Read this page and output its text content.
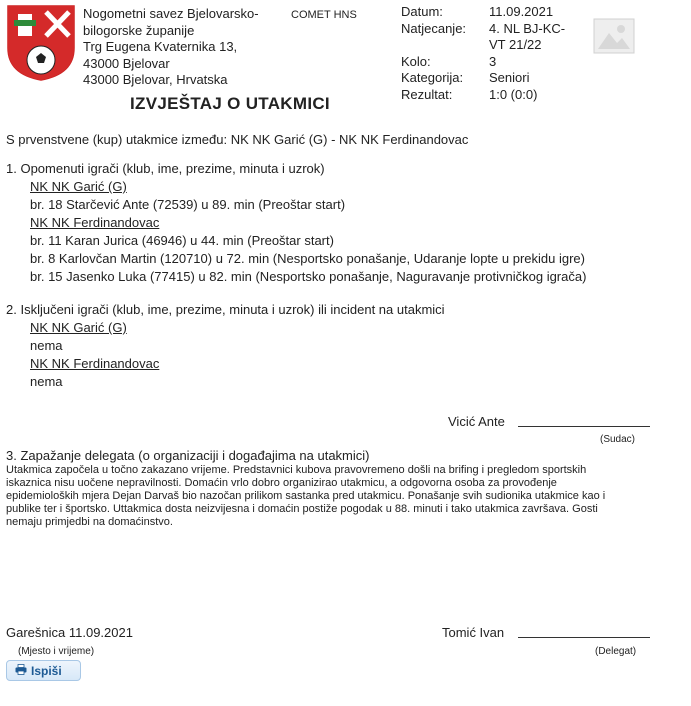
Nogometni savez Bjelovarsko-
bilogorske županije
Trg Eugena Kvaternika 13,
43000 Bjelovar
43000 Bjelovar, Hrvatska
COMET HNS
IZVJEŠTAJ O UTAKMICI
Datum:	11.09.2021
Natjecanje:	4. NL BJ-KC-VT 21/22
Kolo:	3
Kategorija:	Seniori
Rezultat:	1:0 (0:0)
S prvenstvene (kup) utakmice između: NK NK Garić (G) - NK NK Ferdinandovac
1. Opomenuti igrači (klub, ime, prezime, minuta i uzrok)
NK NK Garić (G)
br. 18 Starčević Ante (72539) u 89. min (Preoštar start)
NK NK Ferdinandovac
br. 11 Karan Jurica (46946) u 44. min (Preoštar start)
br. 8 Karlovčan Martin (120710) u 72. min (Nesportsko ponašanje, Udaranje lopte u prekidu igre)
br. 15 Jasenko Luka (77415) u 82. min (Nesportsko ponašanje, Naguravanje protivničkog igrača)
2. Isključeni igrači (klub, ime, prezime, minuta i uzrok) ili incident na utakmici
NK NK Garić (G)
nema
NK NK Ferdinandovac
nema
Vicić Ante
(Sudac)
3. Zapažanje delegata (o organizaciji i događajima na utakmici)
Utakmica započela u točno zakazano vrijeme. Predstavnici kubova pravovremeno došli na brifing i pregledom sportskih
iskaznica nisu uočene nepravilnosti. Domaćin vrlo dobro organizirao utakmicu, a odgovorna osoba za provođenje
epidemioloških mjera Dejan Darvaš bio nazočan prilikom sastanka pred utakmicu. Ponašanje svih sudionika utakmice kao i
publike ter i športsko. Uttakmica dosta neizvijesna i domaćin postiže pogodak u 88. minuti i tako utakmica završava. Gosti
nemaju primjedbi na domaćinstvo.
Garešnica 11.09.2021
(Mjesto i vrijeme)
Tomić Ivan
(Delegat)
Ispiši
